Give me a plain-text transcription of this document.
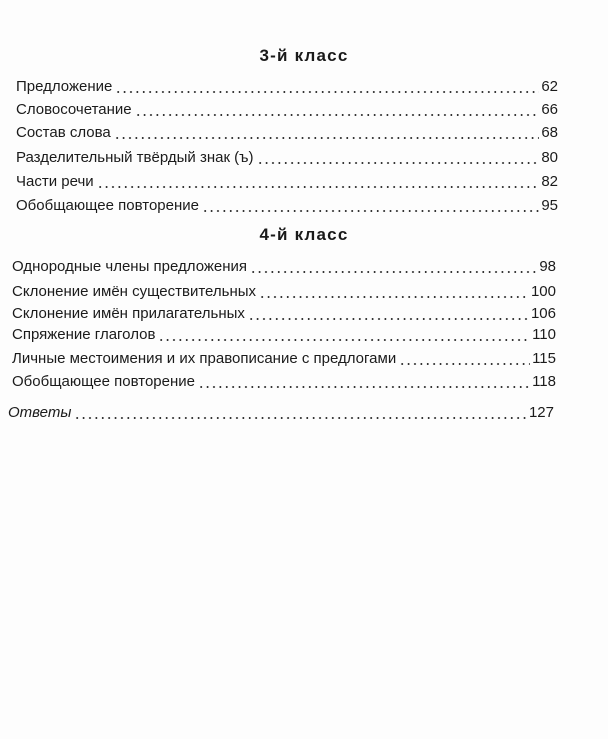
3-й класс
Предложение	62
Словосочетание	66
Состав слова	68
Разделительный твёрдый знак (ъ)	80
Части речи	82
Обобщающее повторение	95
4-й класс
Однородные члены предложения	98
Склонение имён существительных	100
Склонение имён прилагательных	106
Спряжение глаголов	110
Личные местоимения и их правописание с предлогами	115
Обобщающее повторение	118
Ответы	127
